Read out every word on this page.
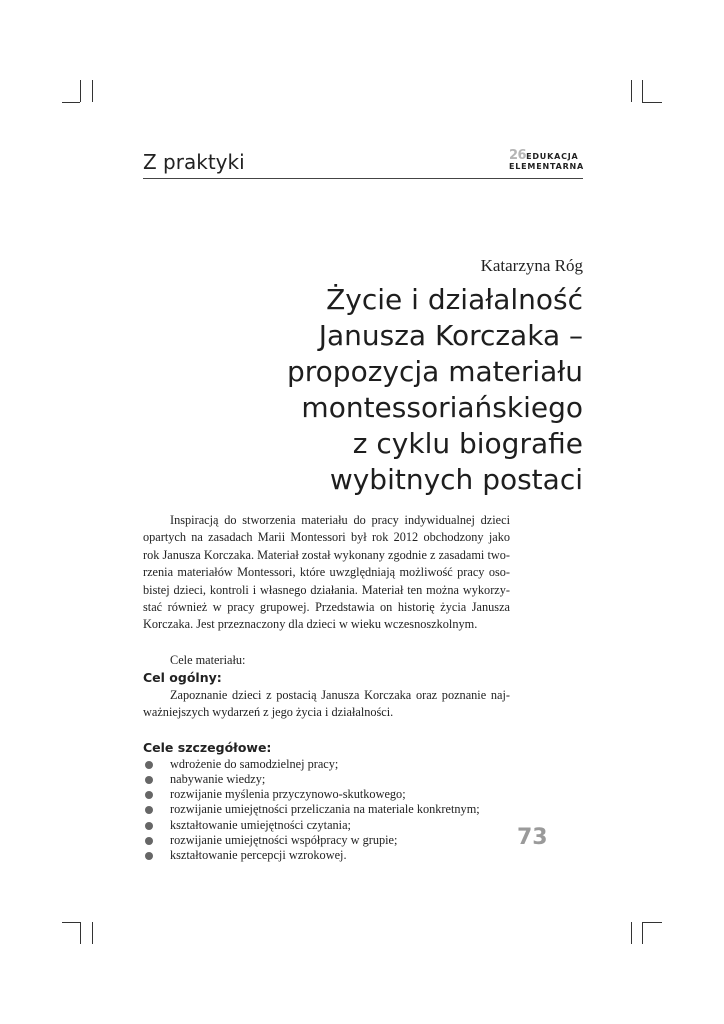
Z praktyki	26EDUKACJA
ELEMENTARNA
Katarzyna Róg
Życie i działalność
Janusza Korczaka –
propozycja materiału
montessoriańskiego
z cyklu biografie
wybitnych postaci
Inspiracją do stworzenia materiału do pracy indywidualnej dzieci
opartych na zasadach Marii Montessori był rok 2012 obchodzony jako
rok Janusza Korczaka. Materiał został wykonany zgodnie z zasadami two-
rzenia materiałów Montessori, które uwzględniają możliwość pracy oso-
bistej dzieci, kontroli i własnego działania. Materiał ten można wykorzy-
stać również w pracy grupowej. Przedstawia on historię życia Janusza
Korczaka. Jest przeznaczony dla dzieci w wieku wczesnoszkolnym.
Cele materiału:
Cel ogólny:
Zapoznanie dzieci z postacią Janusza Korczaka oraz poznanie naj-
ważniejszych wydarzeń z jego życia i działalności.
Cele szczegółowe:
wdrożenie do samodzielnej pracy;
nabywanie wiedzy;
rozwijanie myślenia przyczynowo-skutkowego;
rozwijanie umiejętności przeliczania na materiale konkretnym;
kształtowanie umiejętności czytania;
rozwijanie umiejętności współpracy w grupie;
kształtowanie percepcji wzrokowej.
73
